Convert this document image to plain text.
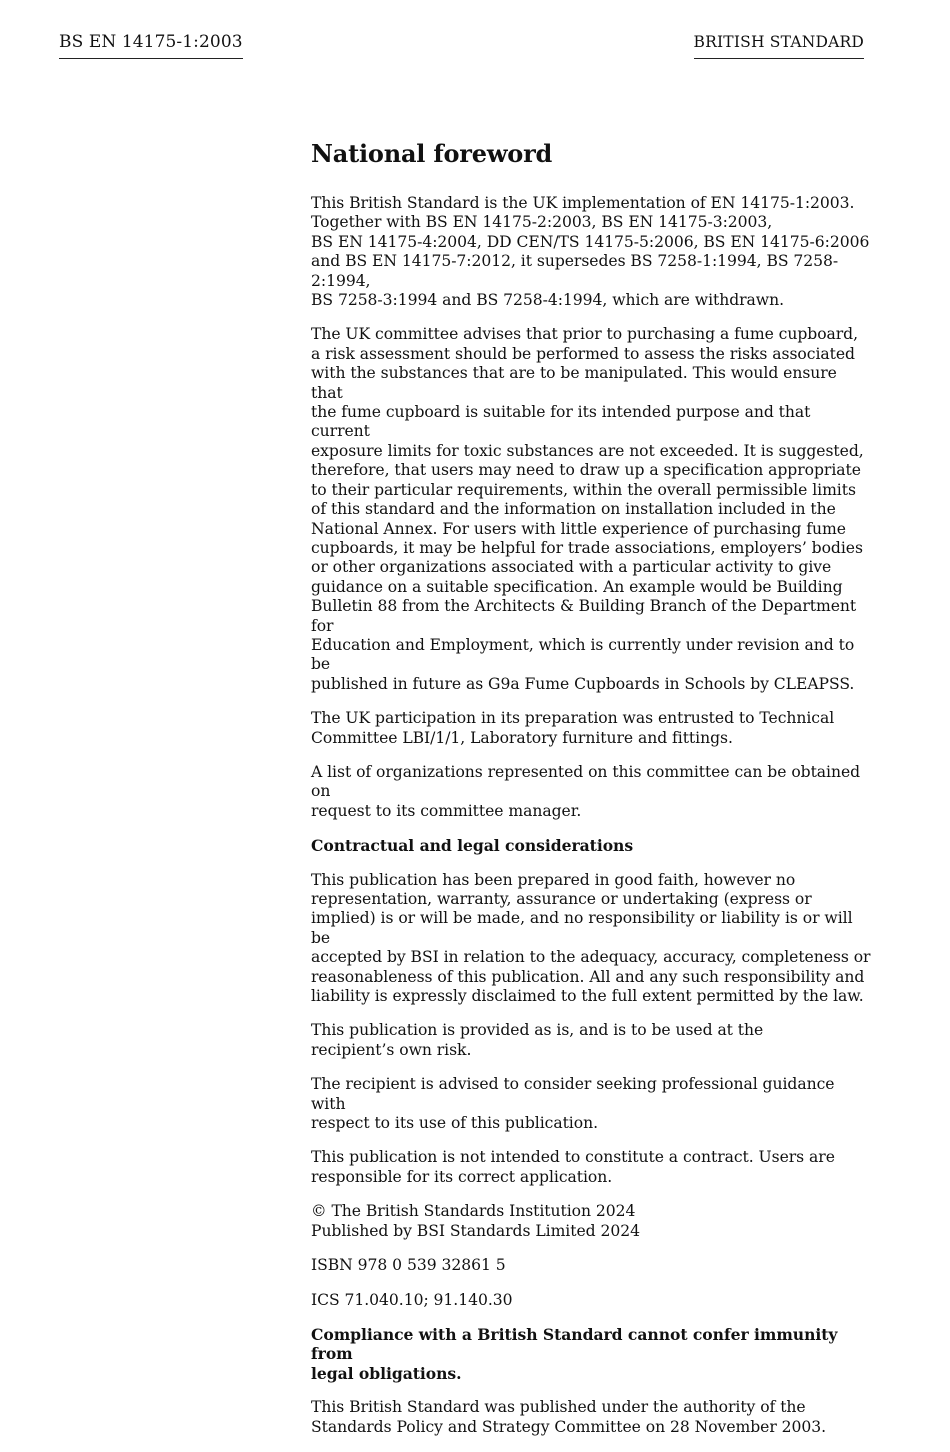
BS EN 14175-1:2003	BRITISH STANDARD
National foreword

This British Standard is the UK implementation of EN 14175-1:2003.
Together with BS EN 14175-2:2003, BS EN 14175-3:2003,
BS EN 14175-4:2004, DD CEN/TS 14175-5:2006, BS EN 14175-6:2006
and BS EN 14175-7:2012, it supersedes BS 7258-1:1994, BS 7258-2:1994,
BS 7258-3:1994 and BS 7258-4:1994, which are withdrawn.

The UK committee advises that prior to purchasing a fume cupboard,
a risk assessment should be performed to assess the risks associated
with the substances that are to be manipulated. This would ensure that
the fume cupboard is suitable for its intended purpose and that current
exposure limits for toxic substances are not exceeded. It is suggested,
therefore, that users may need to draw up a specification appropriate
to their particular requirements, within the overall permissible limits
of this standard and the information on installation included in the
National Annex. For users with little experience of purchasing fume
cupboards, it may be helpful for trade associations, employers’ bodies
or other organizations associated with a particular activity to give
guidance on a suitable specification. An example would be Building
Bulletin 88 from the Architects & Building Branch of the Department for
Education and Employment, which is currently under revision and to be
published in future as G9a Fume Cupboards in Schools by CLEAPSS.

The UK participation in its preparation was entrusted to Technical
Committee LBI/1/1, Laboratory furniture and fittings.

A list of organizations represented on this committee can be obtained on
request to its committee manager.

Contractual and legal considerations

This publication has been prepared in good faith, however no
representation, warranty, assurance or undertaking (express or
implied) is or will be made, and no responsibility or liability is or will be
accepted by BSI in relation to the adequacy, accuracy, completeness or
reasonableness of this publication. All and any such responsibility and
liability is expressly disclaimed to the full extent permitted by the law.

This publication is provided as is, and is to be used at the
recipient’s own risk.

The recipient is advised to consider seeking professional guidance with
respect to its use of this publication.

This publication is not intended to constitute a contract. Users are
responsible for its correct application.

© The British Standards Institution 2024
Published by BSI Standards Limited 2024

ISBN 978 0 539 32861 5

ICS 71.040.10; 91.140.30

Compliance with a British Standard cannot confer immunity from
legal obligations.

This British Standard was published under the authority of the
Standards Policy and Strategy Committee on 28 November 2003.
